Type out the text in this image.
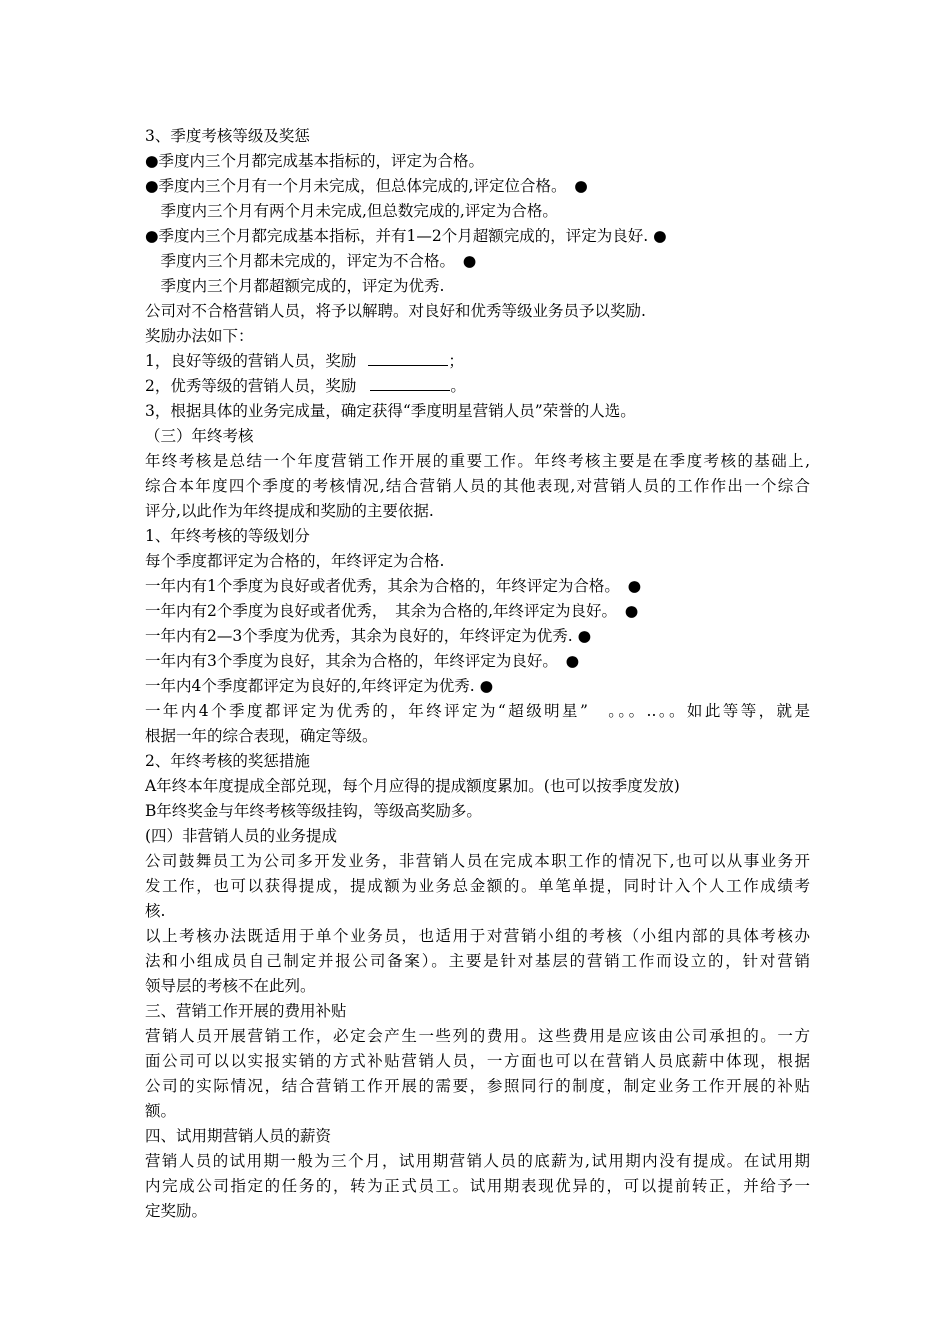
3、季度考核等级及奖惩
●季度内三个月都完成基本指标的，评定为合格。
●季度内三个月有一个月未完成，但总体完成的,评定位合格。　●
　季度内三个月有两个月未完成,但总数完成的,评定为合格。
●季度内三个月都完成基本指标，并有1—2个月超额完成的，评定为良好. ●
　季度内三个月都未完成的，评定为不合格。　●
　季度内三个月都超额完成的，评定为优秀.
公司对不合格营销人员，将予以解聘。对良好和优秀等级业务员予以奖励.
奖励办法如下：
1，良好等级的营销人员，奖励	；
2，优秀等级的营销人员，奖励	。
3，根据具体的业务完成量，确定获得“季度明星营销人员”荣誉的人选。
（三）年终考核
年终考核是总结一个年度营销工作开展的重要工作。年终考核主要是在季度考核的基础上,
综合本年度四个季度的考核情况,结合营销人员的其他表现,对营销人员的工作作出一个综合
评分,以此作为年终提成和奖励的主要依据.
1、年终考核的等级划分
每个季度都评定为合格的，年终评定为合格.
一年内有1个季度为良好或者优秀，其余为合格的，年终评定为合格。　●
一年内有2个季度为良好或者优秀，　其余为合格的,年终评定为良好。　●
一年内有2—3个季度为优秀，其余为良好的，年终评定为优秀. ●
一年内有3个季度为良好，其余为合格的，年终评定为良好。　●
一年内4个季度都评定为良好的,年终评定为优秀. ●
一年内4个季度都评定为优秀的，年终评定为“超级明星”　。。。..。。如此等等，就是
根据一年的综合表现，确定等级。
2、年终考核的奖惩措施
A年终本年度提成全部兑现，每个月应得的提成额度累加。(也可以按季度发放)
B年终奖金与年终考核等级挂钩，等级高奖励多。
(四）非营销人员的业务提成
公司鼓舞员工为公司多开发业务，非营销人员在完成本职工作的情况下,也可以从事业务开
发工作，也可以获得提成，提成额为业务总金额的。单笔单提，同时计入个人工作成绩考
核.
以上考核办法既适用于单个业务员，也适用于对营销小组的考核（小组内部的具体考核办
法和小组成员自己制定并报公司备案）。主要是针对基层的营销工作而设立的，针对营销
领导层的考核不在此列。
三、营销工作开展的费用补贴
营销人员开展营销工作，必定会产生一些列的费用。这些费用是应该由公司承担的。一方
面公司可以以实报实销的方式补贴营销人员，一方面也可以在营销人员底薪中体现，根据
公司的实际情况，结合营销工作开展的需要，参照同行的制度，制定业务工作开展的补贴
额。
四、试用期营销人员的薪资
营销人员的试用期一般为三个月，试用期营销人员的底薪为,试用期内没有提成。在试用期
内完成公司指定的任务的，转为正式员工。试用期表现优异的，可以提前转正，并给予一
定奖励。
